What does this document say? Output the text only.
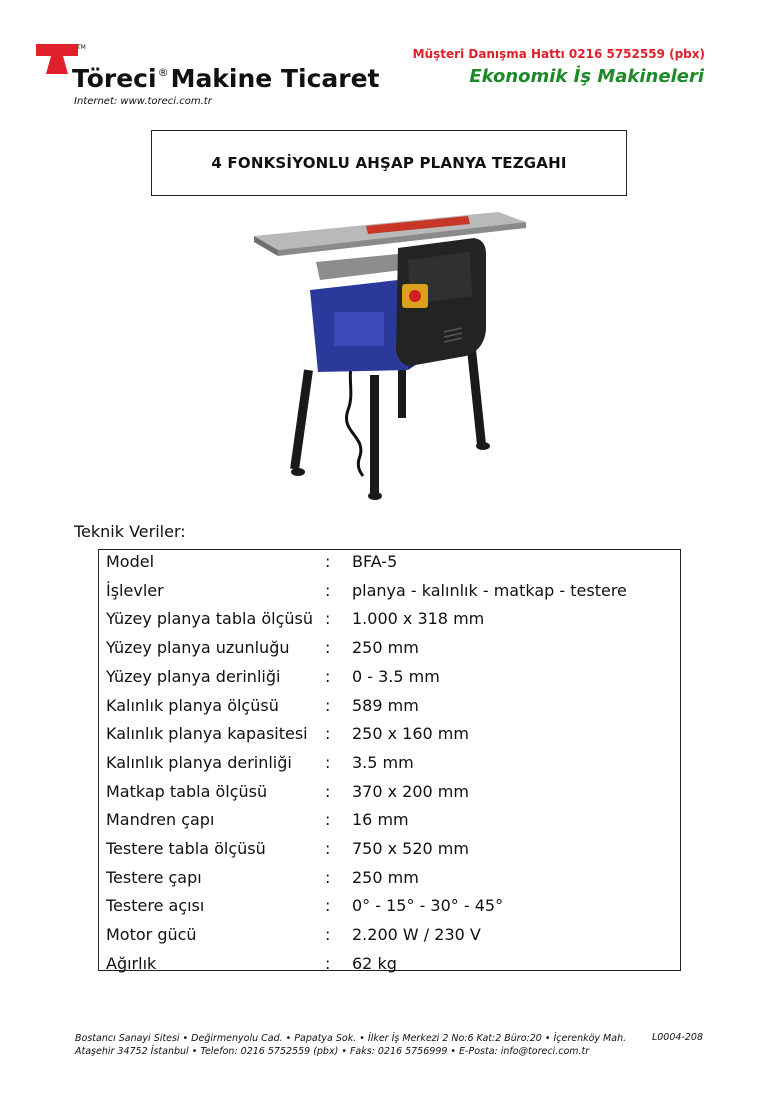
TM
Töreci®Makine Ticaret
Internet: www.toreci.com.tr
Müşteri Danışma Hattı 0216 5752559 (pbx)
Ekonomik İş Makineleri
4 FONKSİYONLU AHŞAP PLANYA TEZGAHI
Teknik Veriler:
Model	: BFA-5
İşlevler	: planya - kalınlık - matkap - testere
Yüzey planya tabla ölçüsü : 1.000 x 318 mm
Yüzey planya uzunluğu : 250 mm
Yüzey planya derinliği	: 0 - 3.5 mm
Kalınlık planya ölçüsü	: 589 mm
Kalınlık planya kapasitesi : 250 x 160 mm
Kalınlık planya derinliği : 3.5 mm
Matkap tabla ölçüsü	: 370 x 200 mm
Mandren çapı	: 16 mm
Testere tabla ölçüsü	: 750 x 520 mm
Testere çapı	: 250 mm
Testere açısı	: 0° - 15° - 30° - 45°
Motor gücü	: 2.200 W / 230 V
Ağırlık	: 62 kg
Bostancı Sanayi Sitesi • Değirmenyolu Cad. • Papatya Sok. • İlker İş Merkezi 2 No:6 Kat:2 Büro:20 • İçerenköy Mah.
Ataşehir 34752 İstanbul • Telefon: 0216 5752559 (pbx) • Faks: 0216 5756999 • E-Posta: info@toreci.com.tr
L0004-208
